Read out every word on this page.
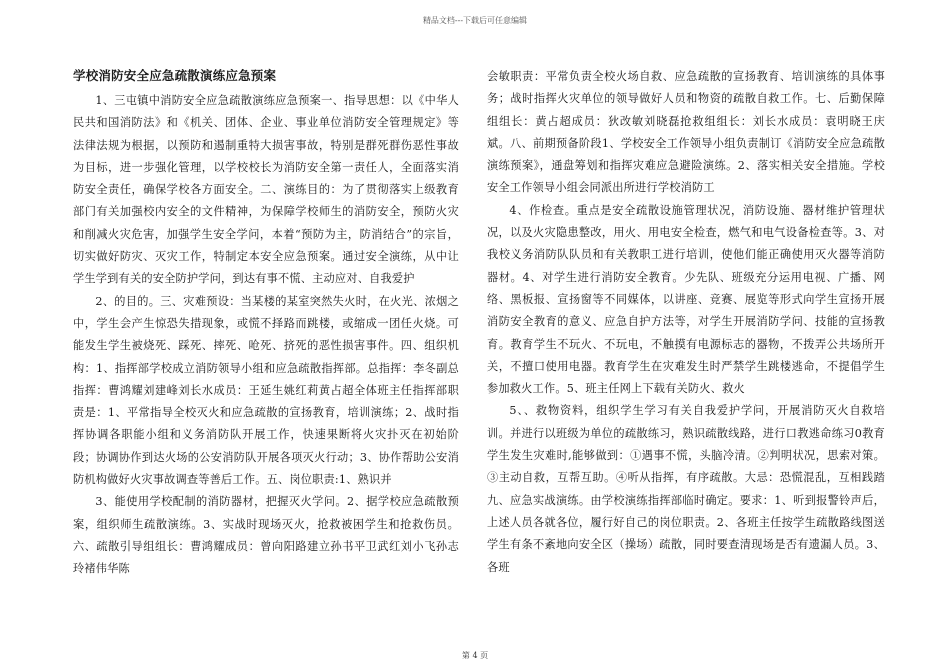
精品文档---下载后可任意编辑
学校消防安全应急疏散演练应急预案

1、三屯镇中消防安全应急疏散演练应急预案一、指导思想：以《中华人民共和国消防法》和《机关、团体、企业、事业单位消防安全管理规定》等法律法规为根据，以预防和遏制重特大损害事故，特别是群死群伤恶性事故为目标，进一步强化管理，以学校校长为消防安全第一责任人，全面落实消防安全责任，确保学校各方面安全。二、演练目的：为了贯彻落实上级教育部门有关加强校内安全的文件精神，为保障学校师生的消防安全，预防火灾和削减火灾危害，加强学生安全学问，本着“预防为主，防消结合”的宗旨，切实做好防灾、灭灾工作，特制定本安全应急预案。通过安全演练，从中让学生学到有关的安全防护学问，到达有事不慌、主动应对、自我爱护

2、的目的。三、灾难预设：当某楼的某室突然失火时，在火光、浓烟之中，学生会产生惊恐失措现象，或慌不择路而跳楼，或缩成一团任火烧。可能发生学生被烧死、踩死、摔死、呛死、挤死的恶性损害事件。四、组织机构：1、指挥部学校成立消防领导小组和应急疏散指挥部。总指挥：李冬副总指挥：曹鸿耀刘建峰刘长水成员：王延生姚红莉黄占超全体班主任指挥部职责是：1、平常指导全校灭火和应急疏散的宣扬教育，培训演练；2、战时指挥协调各职能小组和义务消防队开展工作，快速果断将火灾扑灭在初始阶段；协调协作到达火场的公安消防队开展各项灭火行动；3、协作帮助公安消防机构做好火灾事故调查等善后工作。五、岗位职责:1、熟识并

3、能使用学校配制的消防器材，把握灭火学问。2、据学校应急疏散预案，组织师生疏散演练。3、实战时现场灭火，抢救被困学生和抢救伤员。六、疏散引导组组长：曹鸿耀成员：曾向阳路建立孙书平卫武红刘小飞孙志玲褚伟华陈

会敏职责：平常负责全校火场自救、应急疏散的宣扬教育、培训演练的具体事务；战时指挥火灾单位的领导做好人员和物资的疏散自救工作。七、后勤保障组组长：黄占超成员：狄改敏刘晓磊抢救组组长：刘长水成员：袁明晓王庆斌。八、前期预备阶段1、学校安全工作领导小组负责制订《消防安全应急疏散演练预案》，通盘筹划和指挥灾难应急避险演练。2、落实相关安全措施。学校安全工作领导小组会同派出所进行学校消防工

4、作检查。重点是安全疏散设施管理状况，消防设施、器材维护管理状况，以及火灾隐患整改，用火、用电安全检查，燃气和电气设备检查等。3、对我校义务消防队队员和有关教职工进行培训，使他们能正确使用灭火器等消防器材。4、对学生进行消防安全教育。少先队、班级充分运用电视、广播、网络、黑板报、宣扬窗等不同媒体，以讲座、竞赛、展览等形式向学生宣扬开展消防安全教育的意义、应急自护方法等，对学生开展消防学问、技能的宣扬教育。教育学生不玩火、不玩电，不触摸有电源标志的器物，不拨弄公共场所开关，不擅口使用电器。教育学生在灾难发生时严禁学生跳楼逃命，不提倡学生参加救火工作。5、班主任网上下载有关防火、救火

5、、救物资料，组织学生学习有关自我爱护学问，开展消防灭火自救培训。并进行以班级为单位的疏散练习，熟识疏散线路，进行口教逃命练习0教育学生发生灾难时,能够做到：①遇事不慌，头脑冷清。②判明状况，思索对策。③主动自救，互帮互助。④听从指挥，有序疏散。大忌：恐慌混乱，互相践踏九、应急实战演练。由学校演练指挥部临时确定。要求：1、听到报警铃声后，上述人员各就各位，履行好自己的岗位职责。2、各班主任按学生疏散路线图送学生有条不紊地向安全区（操场）疏散，同时要查清现场是否有遗漏人员。3、各班

第 4 页
